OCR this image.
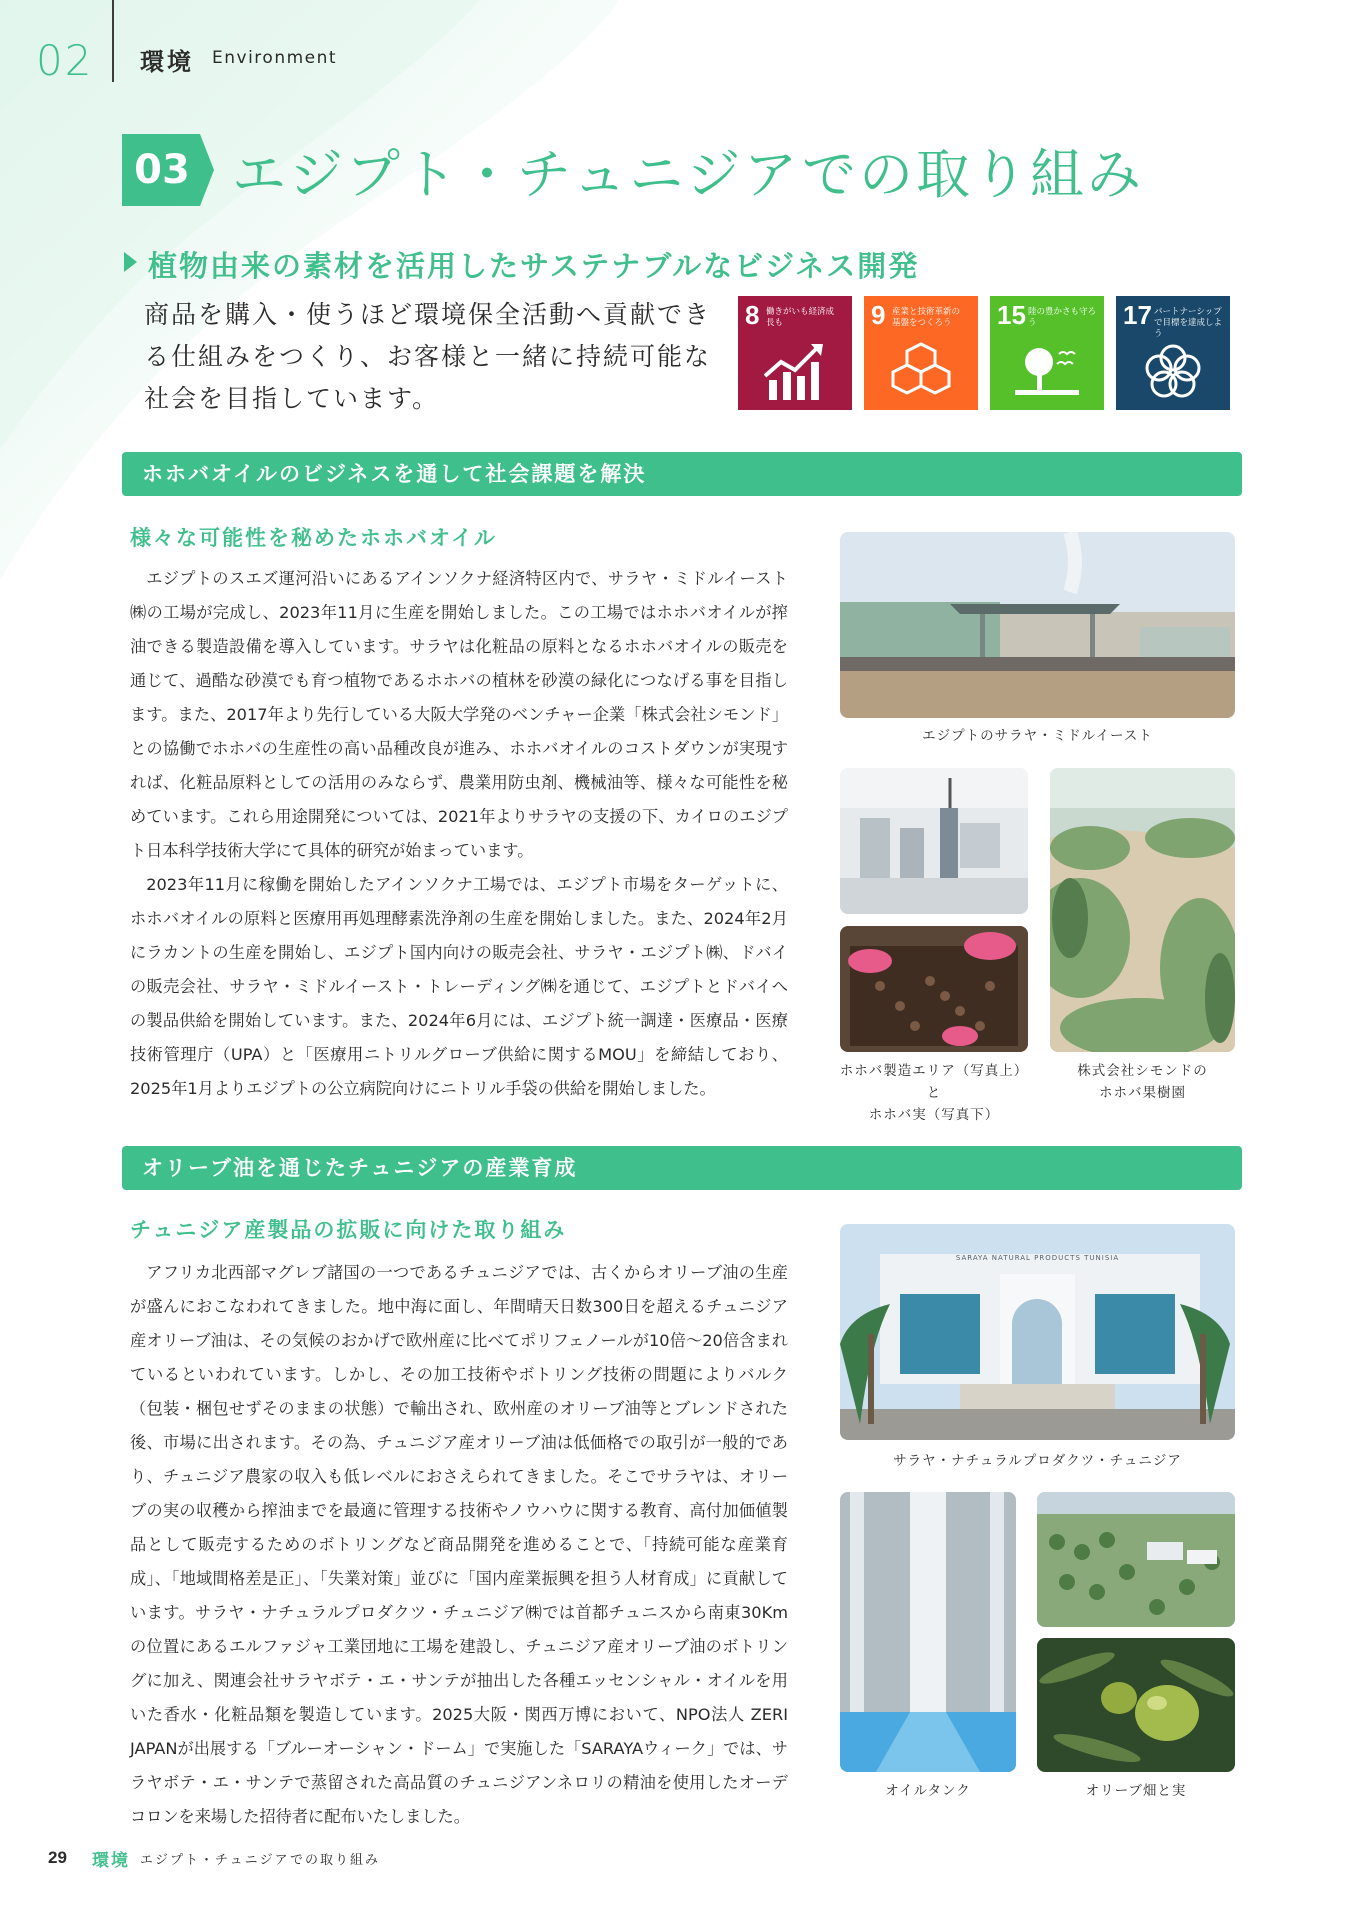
02 環境 Environment
03 エジプト・チュニジアでの取り組み
植物由来の素材を活用したサステナブルなビジネス開発
商品を購入・使うほど環境保全活動へ貢献できる仕組みをつくり、お客様と一緒に持続可能な社会を目指しています。
8 働きがいも経済成長も	9 産業と技術革新の基盤をつくろう	15 陸の豊かさも守ろう	17 パートナーシップで目標を達成しよう
ホホバオイルのビジネスを通して社会課題を解決
様々な可能性を秘めたホホバオイル

エジプトのスエズ運河沿いにあるアインソクナ経済特区内で、サラヤ・ミドルイースト㈱の工場が完成し、2023年11月に生産を開始しました。この工場ではホホバオイルが搾油できる製造設備を導入しています。サラヤは化粧品の原料となるホホバオイルの販売を通じて、過酷な砂漠でも育つ植物であるホホバの植林を砂漠の緑化につなげる事を目指します。また、2017年より先行している大阪大学発のベンチャー企業「株式会社シモンド」との協働でホホバの生産性の高い品種改良が進み、ホホバオイルのコストダウンが実現すれば、化粧品原料としての活用のみならず、農業用防虫剤、機械油等、様々な可能性を秘めています。これら用途開発については、2021年よりサラヤの支援の下、カイロのエジプト日本科学技術大学にて具体的研究が始まっています。

2023年11月に稼働を開始したアインソクナ工場では、エジプト市場をターゲットに、ホホバオイルの原料と医療用再処理酵素洗浄剤の生産を開始しました。また、2024年2月にラカントの生産を開始し、エジプト国内向けの販売会社、サラヤ・エジプト㈱、ドバイの販売会社、サラヤ・ミドルイースト・トレーディング㈱を通じて、エジプトとドバイへの製品供給を開始しています。また、2024年6月には、エジプト統一調達・医療品・医療技術管理庁（UPA）と「医療用ニトリルグローブ供給に関するMOU」を締結しており、2025年1月よりエジプトの公立病院向けにニトリル手袋の供給を開始しました。

エジプトのサラヤ・ミドルイースト
ホホバ製造エリア（写真上）と
ホホバ実（写真下）
株式会社シモンドの
ホホバ果樹園
オリーブ油を通じたチュニジアの産業育成
チュニジア産製品の拡販に向けた取り組み

アフリカ北西部マグレブ諸国の一つであるチュニジアでは、古くからオリーブ油の生産が盛んにおこなわれてきました。地中海に面し、年間晴天日数300日を超えるチュニジア産オリーブ油は、その気候のおかげで欧州産に比べてポリフェノールが10倍～20倍含まれているといわれています。しかし、その加工技術やボトリング技術の問題によりバルク（包装・梱包せずそのままの状態）で輸出され、欧州産のオリーブ油等とブレンドされた後、市場に出されます。その為、チュニジア産オリーブ油は低価格での取引が一般的であり、チュニジア農家の収入も低レベルにおさえられてきました。そこでサラヤは、オリーブの実の収穫から搾油までを最適に管理する技術やノウハウに関する教育、高付加価値製品として販売するためのボトリングなど商品開発を進めることで、「持続可能な産業育成」、「地域間格差是正」、「失業対策」並びに「国内産業振興を担う人材育成」に貢献しています。サラヤ・ナチュラルプロダクツ・チュニジア㈱では首都チュニスから南東30Kmの位置にあるエルファジャ工業団地に工場を建設し、チュニジア産オリーブ油のボトリングに加え、関連会社サラヤボテ・エ・サンテが抽出した各種エッセンシャル・オイルを用いた香水・化粧品類を製造しています。2025大阪・関西万博において、NPO法人 ZERI JAPANが出展する「ブルーオーシャン・ドーム」で実施した「SARAYAウィーク」では、サラヤボテ・エ・サンテで蒸留された高品質のチュニジアンネロリの精油を使用したオーデコロンを来場した招待者に配布いたしました。

SARAYA NATURAL PRODUCTS TUNISIA
サラヤ・ナチュラルプロダクツ・チュニジア
オイルタンク	オリーブ畑と実
29 環境 エジプト・チュニジアでの取り組み
